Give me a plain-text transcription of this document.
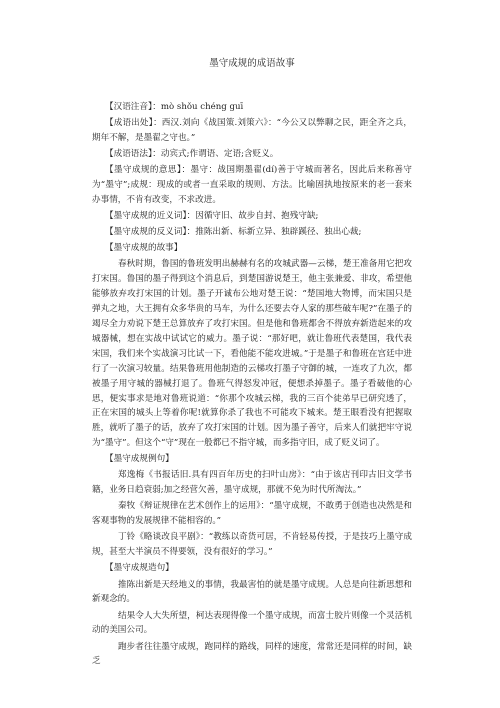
墨守成规的成语故事

【汉语注音】：mò shǒu chéng guī

【成语出处】：西汉.刘向《战国策.刘策六》：“今公又以弊聊之民，距全齐之兵，期年不解，是墨翟之守也。”

【成语语法】：动宾式;作谓语、定语;含贬义。

【墨守成规的意思】：墨守：战国期墨翟(dí)善于守城而著名，因此后来称善守为“墨守”;成规：现成的或者一直采取的规则、方法。比喻固执地按原来的老一套来办事情，不肯有改变，不求改进。

【墨守成规的近义词】：因循守旧、故步自封、抱残守缺;

【墨守成规的反义词】：推陈出新、标新立异、独辟蹊径、独出心裁;

【墨守成规的故事】

春秋时期，鲁国的鲁班发明出赫赫有名的攻城武器—云梯，楚王准备用它把攻打宋国。鲁国的墨子得到这个消息后，到楚国游说楚王，他主张兼爱、非攻，希望他能够放弃攻打宋国的计划。墨子开诚布公地对楚王说：“楚国地大物博，而宋国只是弹丸之地，大王拥有众多华贵的马车，为什么还要去夺人家的那些破车呢?”在墨子的竭尽全力劝说下楚王总算放弃了攻打宋国。但是他和鲁班都舍不得放弃新造起来的攻城器械，想在实战中试试它的威力。墨子说：“那好吧，就让鲁班代表楚国，我代表宋国，我们来个实战演习比试一下，看他能不能攻进城。”于是墨子和鲁班在宫廷中进行了一次演习较量。结果鲁班用他制造的云梯攻打墨子守御的城，一连攻了九次，都被墨子用守城的器械打退了。鲁班气得怒发冲冠，便想杀掉墨子。墨子看破他的心思，便实事求是地对鲁班说道：“你那个攻城云梯，我的三百个徒弟早已研究透了，正在宋国的城头上等着你呢!就算你杀了我也不可能攻下城来。楚王眼看没有把握取胜，就听了墨子的话，放弃了攻打宋国的计划。因为墨子善守，后来人们就把牢守说为“墨守”。但这个“守”现在一般都已不指守城，而多指守旧，成了贬义词了。

【墨守成规例句】

郑逸梅《书报话旧.具有四百年历史的扫叶山房》：“由于该店刊印古旧文学书籍，业务日趋衰弱;加之经营欠善，墨守成规，那就不免为时代所淘汰。”

秦牧《辩证规律在艺术创作上的运用》：“墨守成规，不敢勇于创造也决然是和客观事物的发展规律不能相容的。”

丁铃《略谈改良平剧》：“教练以奇货可居，不肯轻易传授，于是技巧上墨守成规，甚至大半演员不得要领，没有很好的学习。”

【墨守成规造句】

推陈出新是天经地义的事情，我最害怕的就是墨守成规。人总是向往新思想和新观念的。

结果令人大失所望，柯达表现得像一个墨守成规，而富士胶片则像一个灵活机动的美国公司。

跑步者往往墨守成规，跑同样的路线，同样的速度，常常还是同样的时间，缺乏
